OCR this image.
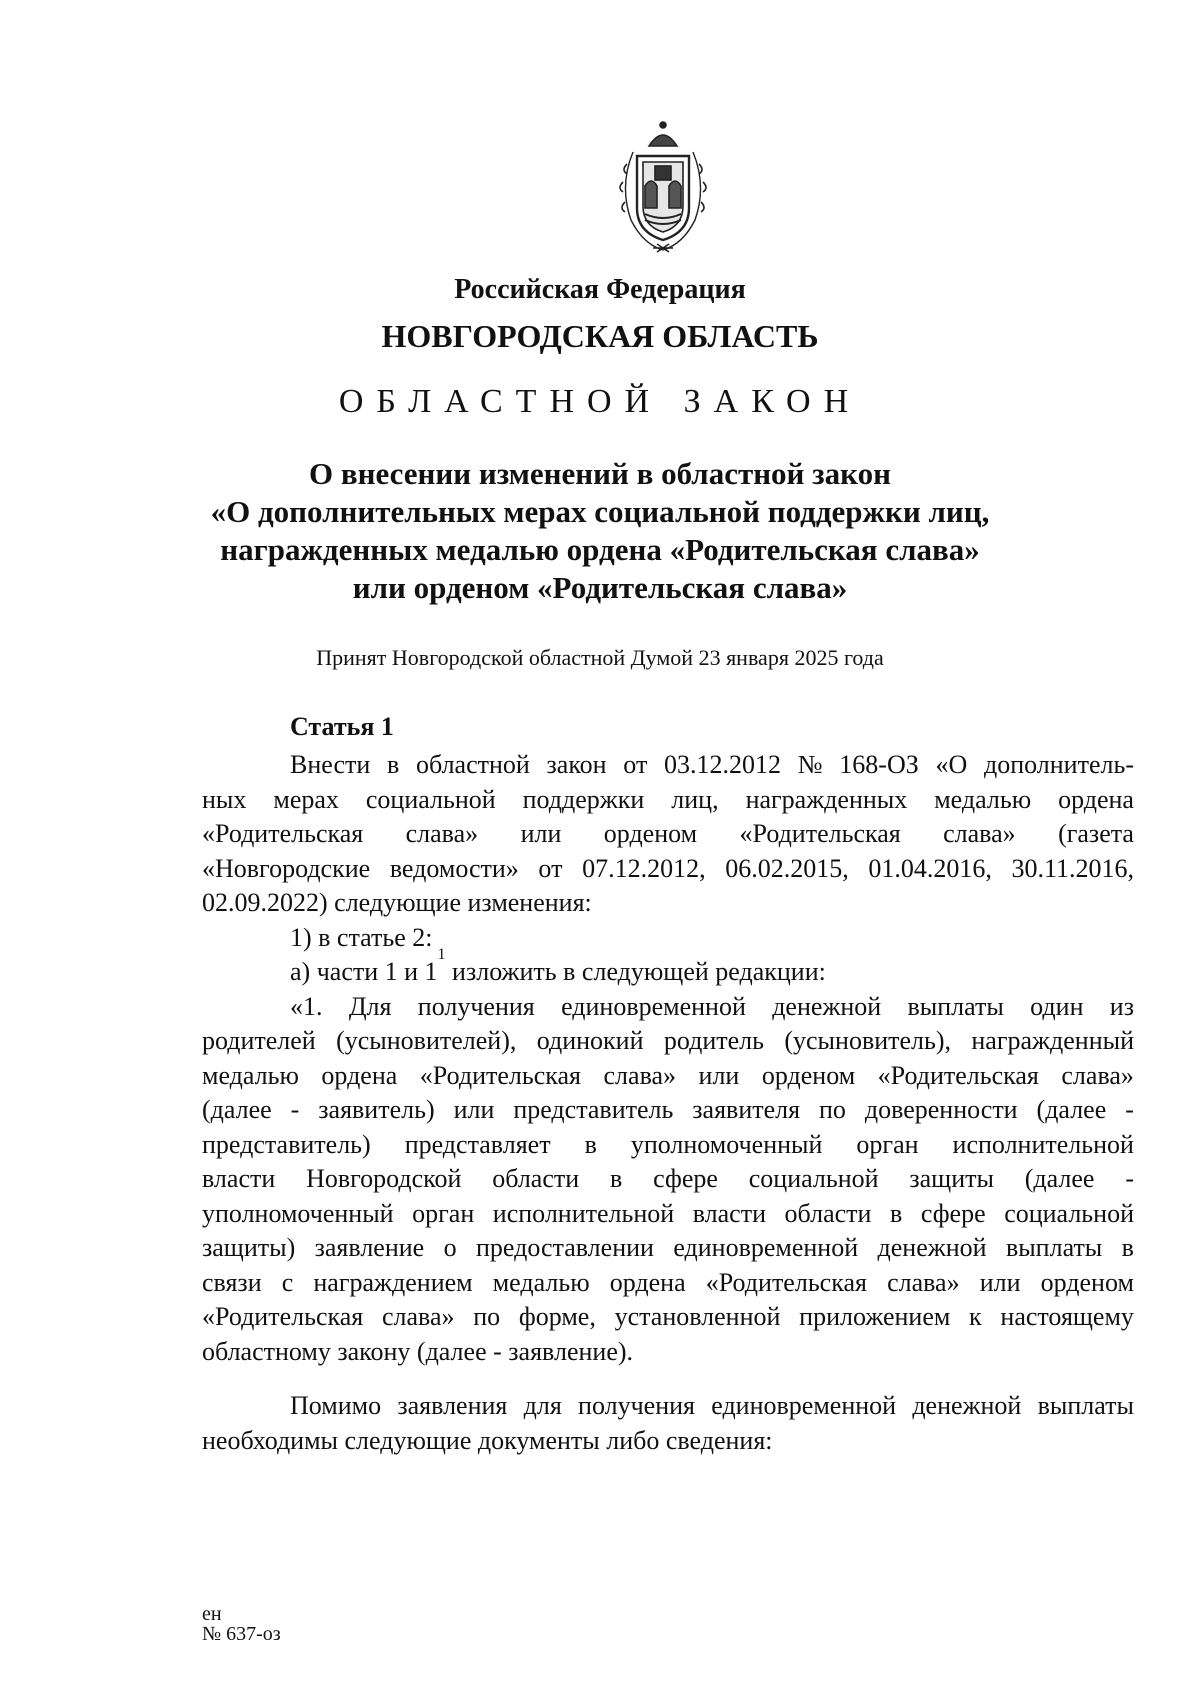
Российская Федерация
НОВГОРОДСКАЯ ОБЛАСТЬ
ОБЛАСТНОЙ ЗАКОН
О внесении изменений в областной закон
«О дополнительных мерах социальной поддержки лиц,
награжденных медалью ордена «Родительская слава»
или орденом «Родительская слава»
Принят Новгородской областной Думой 23 января 2025 года
Статья 1
Внести в областной закон от 03.12.2012 № 168-ОЗ «О дополнитель-
ных мерах социальной поддержки лиц, награжденных медалью ордена
«Родительская слава» или орденом «Родительская слава» (газета
«Новгородские ведомости» от 07.12.2012, 06.02.2015, 01.04.2016, 30.11.2016,
02.09.2022) следующие изменения:
1) в статье 2:
а) части 1 и 1
1
изложить в следующей редакции:
«1. Для получения единовременной денежной выплаты один из
родителей (усыновителей), одинокий родитель (усыновитель), награжденный
медалью ордена «Родительская слава» или орденом «Родительская слава»
(далее - заявитель) или представитель заявителя по доверенности (далее -
представитель) представляет в уполномоченный орган исполнительной
власти Новгородской области в сфере социальной защиты (далее -
уполномоченный орган исполнительной власти области в сфере социальной
защиты) заявление о предоставлении единовременной денежной выплаты в
связи с награждением медалью ордена «Родительская слава» или орденом
«Родительская слава» по форме, установленной приложением к настоящему
областному закону (далее - заявление).
Помимо заявления для получения единовременной денежной выплаты
необходимы следующие документы либо сведения:
ен
№ 637-оз
